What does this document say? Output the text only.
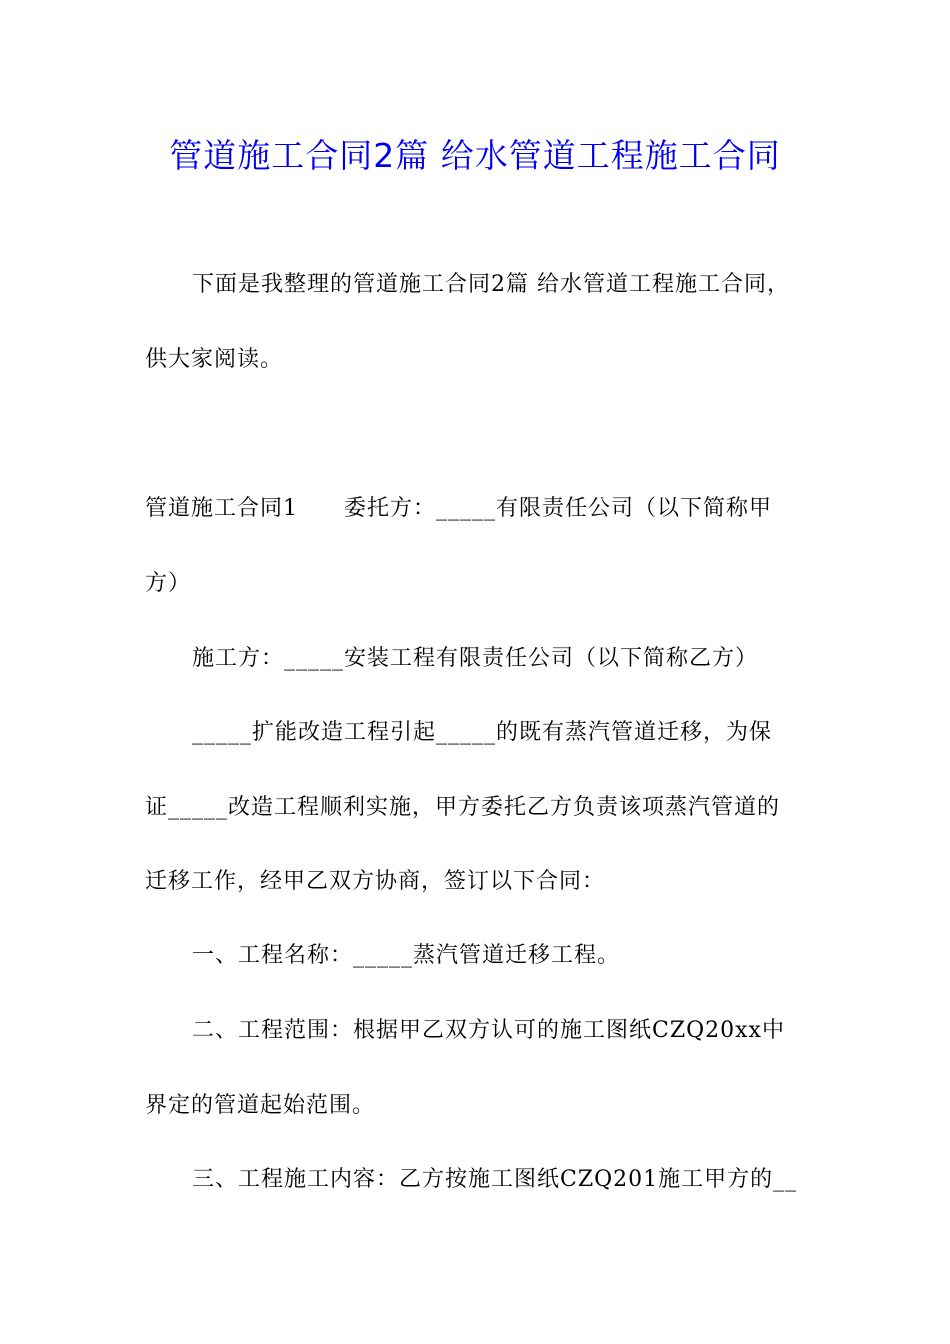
管道施工合同2篇 给水管道工程施工合同
下面是我整理的管道施工合同2篇 给水管道工程施工合同，
供大家阅读。
管道施工合同1　　委托方：_____有限责任公司（以下简称甲
方）
施工方：_____安装工程有限责任公司（以下简称乙方）
_____扩能改造工程引起_____的既有蒸汽管道迁移，为保
证_____改造工程顺利实施，甲方委托乙方负责该项蒸汽管道的
迁移工作，经甲乙双方协商，签订以下合同：
一、工程名称：_____蒸汽管道迁移工程。
二、工程范围：根据甲乙双方认可的施工图纸CZQ20xx中
界定的管道起始范围。
三、工程施工内容：乙方按施工图纸CZQ201施工甲方的__
